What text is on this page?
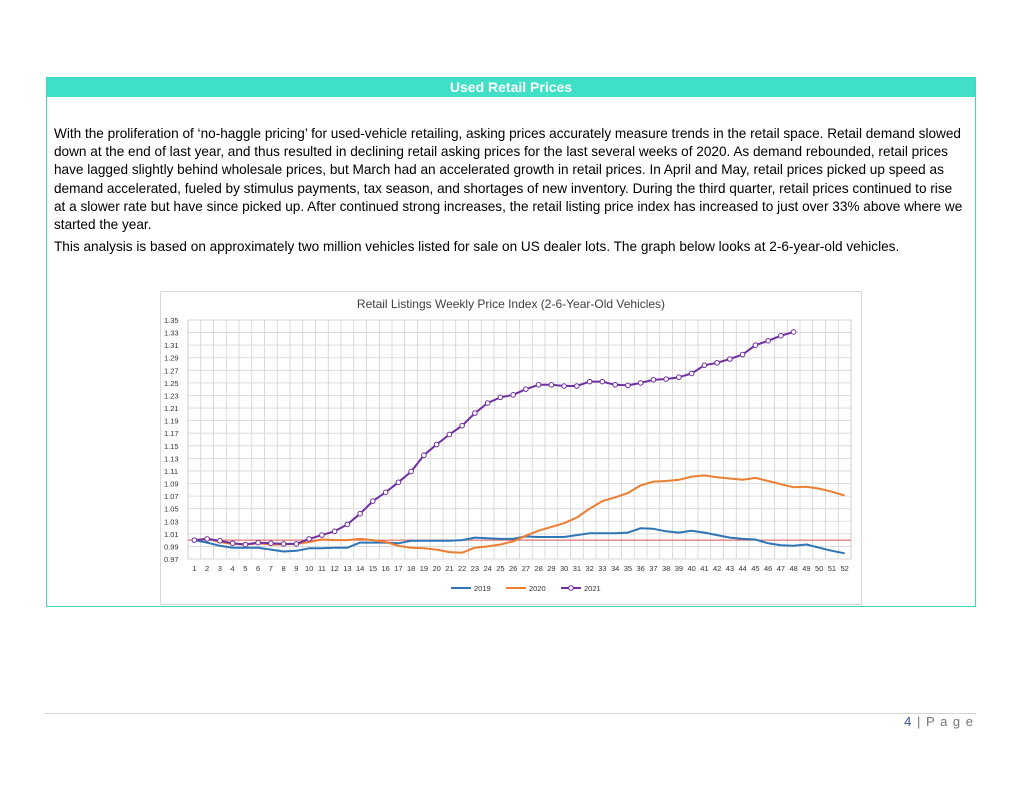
Used Retail Prices

With the proliferation of ‘no-haggle pricing’ for used-vehicle retailing, asking prices accurately measure trends in the retail space. Retail demand slowed down at the end of last year, and thus resulted in declining retail asking prices for the last several weeks of 2020. As demand rebounded, retail prices have lagged slightly behind wholesale prices, but March had an accelerated growth in retail prices. In April and May, retail prices picked up speed as demand accelerated, fueled by stimulus payments, tax season, and shortages of new inventory. During the third quarter, retail prices continued to rise at a slower rate but have since picked up. After continued strong increases, the retail listing price index has increased to just over 33% above where we started the year.

This analysis is based on approximately two million vehicles listed for sale on US dealer lots. The graph below looks at 2-6-year-old vehicles.

Retail Listings Weekly Price Index (2-6-Year-Old Vehicles)
0.97
0.99
1.01
1.03
1.05
1.07
1.09
1.11
1.13
1.15
1.17
1.19
1.21
1.23
1.25
1.27
1.29
1.31
1.33
1.35
1 2 3 4 5 6 7 8 9 10 11 12 13 14 15 16 17 18 19 20 21 22 23 24 25 26 27 28 29 30 31 32 33 34 35 36 37 38 39 40 41 42 43 44 45 46 47 48 49 50 51 52
2019	2020	2021
4 | P a g e
